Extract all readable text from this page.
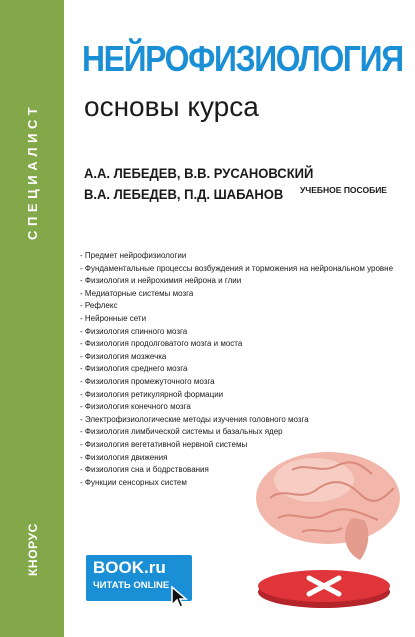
СПЕЦИАЛИСТ
КНОРУС
НЕЙРОФИЗИОЛОГИЯ
основы курса
А.А. ЛЕБЕДЕВ, В.В. РУСАНОВСКИЙ
В.А. ЛЕБЕДЕВ, П.Д. ШАБАНОВ	УЧЕБНОЕ ПОСОБИЕ
- Предмет нейрофизиологии
- Фундаментальные процессы возбуждения и торможения на нейрональном уровне
- Физиология и нейрохимия нейрона и глии
- Медиаторные системы мозга
- Рефлекс
- Нейронные сети
- Физиология спинного мозга
- Физиология продолговатого мозга и моста
- Физиология мозжечка
- Физиология среднего мозга
- Физиология промежуточного мозга
- Физиология ретикулярной формации
- Физиология конечного мозга
- Электрофизиологические методы изучения головного мозга
- Физиология лимбической системы и базальных ядер
- Физиология вегетативной нервной системы
- Физиология движения
- Физиология сна и бодрствования
- Функции сенсорных систем
BOOK.ru
ЧИТАТЬ ONLINE
